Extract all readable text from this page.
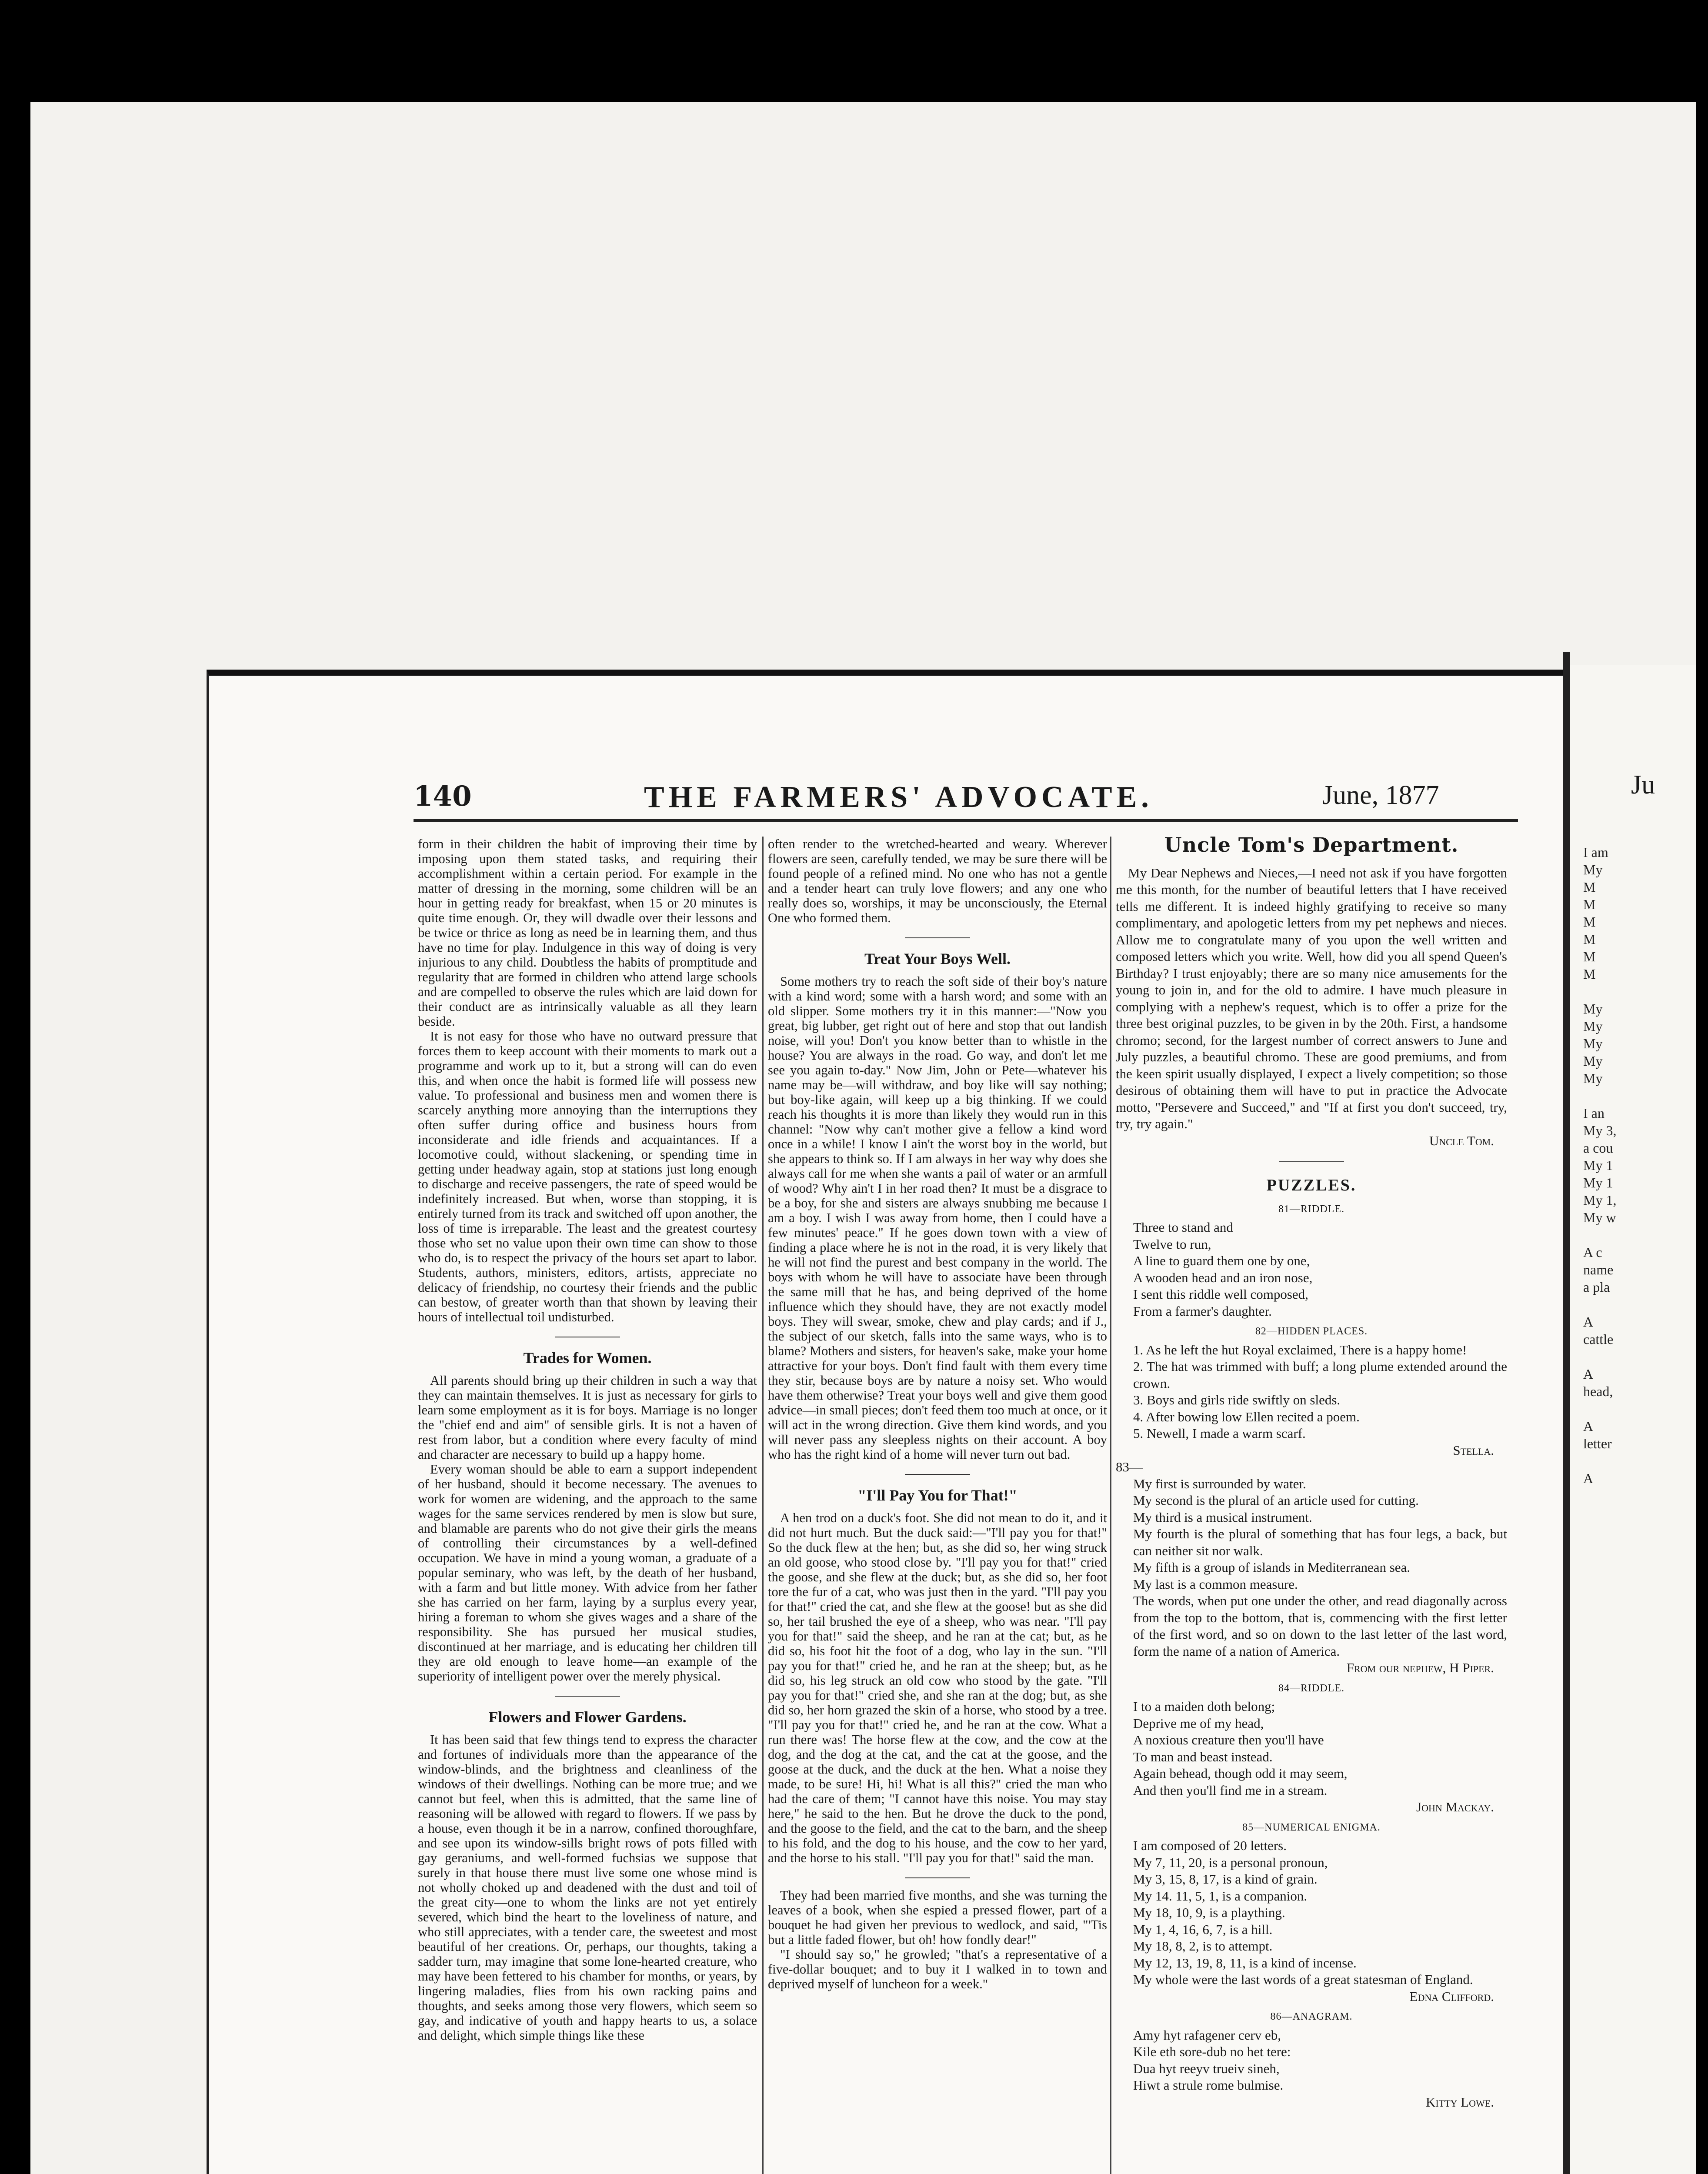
140	THE FARMERS' ADVOCATE.	June, 1877

form in their children the habit of improving their time by imposing upon them stated tasks, and requiring their accomplishment within a certain period. For example in the matter of dressing in the morning, some children will be an hour in getting ready for breakfast, when 15 or 20 minutes is quite time enough. Or, they will dwadle over their lessons and be twice or thrice as long as need be in learning them, and thus have no time for play. Indulgence in this way of doing is very injurious to any child. Doubtless the habits of promptitude and regularity that are formed in children who attend large schools and are compelled to observe the rules which are laid down for their conduct are as intrinsically valuable as all they learn beside.

It is not easy for those who have no outward pressure that forces them to keep account with their moments to mark out a programme and work up to it, but a strong will can do even this, and when once the habit is formed life will possess new value. To professional and business men and women there is scarcely anything more annoying than the interruptions they often suffer during office and business hours from inconsiderate and idle friends and acquaintances. If a locomotive could, without slackening, or spending time in getting under headway again, stop at stations just long enough to discharge and receive passengers, the rate of speed would be indefinitely increased. But when, worse than stopping, it is entirely turned from its track and switched off upon another, the loss of time is irreparable. The least and the greatest courtesy those who set no value upon their own time can show to those who do, is to respect the privacy of the hours set apart to labor. Students, authors, ministers, editors, artists, appreciate no delicacy of friendship, no courtesy their friends and the public can bestow, of greater worth than that shown by leaving their hours of intellectual toil undisturbed.

Trades for Women.

All parents should bring up their children in such a way that they can maintain themselves. It is just as necessary for girls to learn some employment as it is for boys. Marriage is no longer the "chief end and aim" of sensible girls. It is not a haven of rest from labor, but a condition where every faculty of mind and character are necessary to build up a happy home.

Every woman should be able to earn a support independent of her husband, should it become necessary. The avenues to work for women are widening, and the approach to the same wages for the same services rendered by men is slow but sure, and blamable are parents who do not give their girls the means of controlling their circumstances by a well-defined occupation. We have in mind a young woman, a graduate of a popular seminary, who was left, by the death of her husband, with a farm and but little money. With advice from her father she has carried on her farm, laying by a surplus every year, hiring a foreman to whom she gives wages and a share of the responsibility. She has pursued her musical studies, discontinued at her marriage, and is educating her children till they are old enough to leave home—an example of the superiority of intelligent power over the merely physical.

Flowers and Flower Gardens.

It has been said that few things tend to express the character and fortunes of individuals more than the appearance of the window-blinds, and the brightness and cleanliness of the windows of their dwellings. Nothing can be more true; and we cannot but feel, when this is admitted, that the same line of reasoning will be allowed with regard to flowers. If we pass by a house, even though it be in a narrow, confined thoroughfare, and see upon its window-sills bright rows of pots filled with gay geraniums, and well-formed fuchsias we suppose that surely in that house there must live some one whose mind is not wholly choked up and deadened with the dust and toil of the great city—one to whom the links are not yet entirely severed, which bind the heart to the loveliness of nature, and who still appreciates, with a tender care, the sweetest and most beautiful of her creations. Or, perhaps, our thoughts, taking a sadder turn, may imagine that some lone-hearted creature, who may have been fettered to his chamber for months, or years, by lingering maladies, flies from his own racking pains and thoughts, and seeks among those very flowers, which seem so gay, and indicative of youth and happy hearts to us, a solace and delight, which simple things like these

often render to the wretched-hearted and weary. Wherever flowers are seen, carefully tended, we may be sure there will be found people of a refined mind. No one who has not a gentle and a tender heart can truly love flowers; and any one who really does so, worships, it may be unconsciously, the Eternal One who formed them.

Treat Your Boys Well.

Some mothers try to reach the soft side of their boy's nature with a kind word; some with a harsh word; and some with an old slipper. Some mothers try it in this manner:—"Now you great, big lubber, get right out of here and stop that out landish noise, will you! Don't you know better than to whistle in the house? You are always in the road. Go way, and don't let me see you again to-day." Now Jim, John or Pete—whatever his name may be—will withdraw, and boy like will say nothing; but boy-like again, will keep up a big thinking. If we could reach his thoughts it is more than likely they would run in this channel: "Now why can't mother give a fellow a kind word once in a while! I know I ain't the worst boy in the world, but she appears to think so. If I am always in her way why does she always call for me when she wants a pail of water or an armfull of wood? Why ain't I in her road then? It must be a disgrace to be a boy, for she and sisters are always snubbing me because I am a boy. I wish I was away from home, then I could have a few minutes' peace." If he goes down town with a view of finding a place where he is not in the road, it is very likely that he will not find the purest and best company in the world. The boys with whom he will have to associate have been through the same mill that he has, and being deprived of the home influence which they should have, they are not exactly model boys. They will swear, smoke, chew and play cards; and if J., the subject of our sketch, falls into the same ways, who is to blame? Mothers and sisters, for heaven's sake, make your home attractive for your boys. Don't find fault with them every time they stir, because boys are by nature a noisy set. Who would have them otherwise? Treat your boys well and give them good advice—in small pieces; don't feed them too much at once, or it will act in the wrong direction. Give them kind words, and you will never pass any sleepless nights on their account. A boy who has the right kind of a home will never turn out bad.

"I'll Pay You for That!"

A hen trod on a duck's foot. She did not mean to do it, and it did not hurt much. But the duck said:—"I'll pay you for that!" So the duck flew at the hen; but, as she did so, her wing struck an old goose, who stood close by. "I'll pay you for that!" cried the goose, and she flew at the duck; but, as she did so, her foot tore the fur of a cat, who was just then in the yard. "I'll pay you for that!" cried the cat, and she flew at the goose! but as she did so, her tail brushed the eye of a sheep, who was near. "I'll pay you for that!" said the sheep, and he ran at the cat; but, as he did so, his foot hit the foot of a dog, who lay in the sun. "I'll pay you for that!" cried he, and he ran at the sheep; but, as he did so, his leg struck an old cow who stood by the gate. "I'll pay you for that!" cried she, and she ran at the dog; but, as she did so, her horn grazed the skin of a horse, who stood by a tree. "I'll pay you for that!" cried he, and he ran at the cow. What a run there was! The horse flew at the cow, and the cow at the dog, and the dog at the cat, and the cat at the goose, and the goose at the duck, and the duck at the hen. What a noise they made, to be sure! Hi, hi! What is all this?" cried the man who had the care of them; "I cannot have this noise. You may stay here," he said to the hen. But he drove the duck to the pond, and the goose to the field, and the cat to the barn, and the sheep to his fold, and the dog to his house, and the cow to her yard, and the horse to his stall. "I'll pay you for that!" said the man.

They had been married five months, and she was turning the leaves of a book, when she espied a pressed flower, part of a bouquet he had given her previous to wedlock, and said, "'Tis but a little faded flower, but oh! how fondly dear!"

"I should say so," he growled; "that's a representative of a five-dollar bouquet; and to buy it I walked in to town and deprived myself of luncheon for a week."

Uncle Tom's Department.

My Dear Nephews and Nieces,—I need not ask if you have forgotten me this month, for the number of beautiful letters that I have received tells me different. It is indeed highly gratifying to receive so many complimentary, and apologetic letters from my pet nephews and nieces. Allow me to congratulate many of you upon the well written and composed letters which you write. Well, how did you all spend Queen's Birthday? I trust enjoyably; there are so many nice amusements for the young to join in, and for the old to admire. I have much pleasure in complying with a nephew's request, which is to offer a prize for the three best original puzzles, to be given in by the 20th. First, a handsome chromo; second, for the largest number of correct answers to June and July puzzles, a beautiful chromo. These are good premiums, and from the keen spirit usually displayed, I expect a lively competition; so those desirous of obtaining them will have to put in practice the Advocate motto, "Persevere and Succeed," and "If at first you don't succeed, try, try, try again."

Uncle Tom.
PUZZLES.
81—RIDDLE.
Three to stand and
Twelve to run,
A line to guard them one by one,
A wooden head and an iron nose,
I sent this riddle well composed,
From a farmer's daughter.
82—HIDDEN PLACES.
1. As he left the hut Royal exclaimed, There is a happy home!
2. The hat was trimmed with buff; a long plume extended around the crown.
3. Boys and girls ride swiftly on sleds.
4. After bowing low Ellen recited a poem.
5. Newell, I made a warm scarf.
Stella.
83—
My first is surrounded by water.
My second is the plural of an article used for cutting.
My third is a musical instrument.
My fourth is the plural of something that has four legs, a back, but can neither sit nor walk.
My fifth is a group of islands in Mediterranean sea.
My last is a common measure.
The words, when put one under the other, and read diagonally across from the top to the bottom, that is, commencing with the first letter of the first word, and so on down to the last letter of the last word, form the name of a nation of America.
From our nephew, H Piper.
84—RIDDLE.
I to a maiden doth belong;
Deprive me of my head,
A noxious creature then you'll have
To man and beast instead.
Again behead, though odd it may seem,
And then you'll find me in a stream.
John Mackay.
85—NUMERICAL ENIGMA.
I am composed of 20 letters.
My 7, 11, 20, is a personal pronoun,
My 3, 15, 8, 17, is a kind of grain.
My 14. 11, 5, 1, is a companion.
My 18, 10, 9, is a plaything.
My 1, 4, 16, 6, 7, is a hill.
My 18, 8, 2, is to attempt.
My 12, 13, 19, 8, 11, is a kind of incense.
My whole were the last words of a great statesman of England.
Edna Clifford.
86—ANAGRAM.
Amy hyt rafagener cerv eb,
Kile eth sore-dub no het tere:
Dua hyt reeyv trueiv sineh,
Hiwt a strule rome bulmise.
Kitty Lowe.
Ju
I am
My
M
M
M
M
M
M

My
My
My
My
My

I an
My 3,
a cou
My 1
My 1
My 1,
My w

A c
name
a pla

A
cattle

A
head,

A
letter

A
